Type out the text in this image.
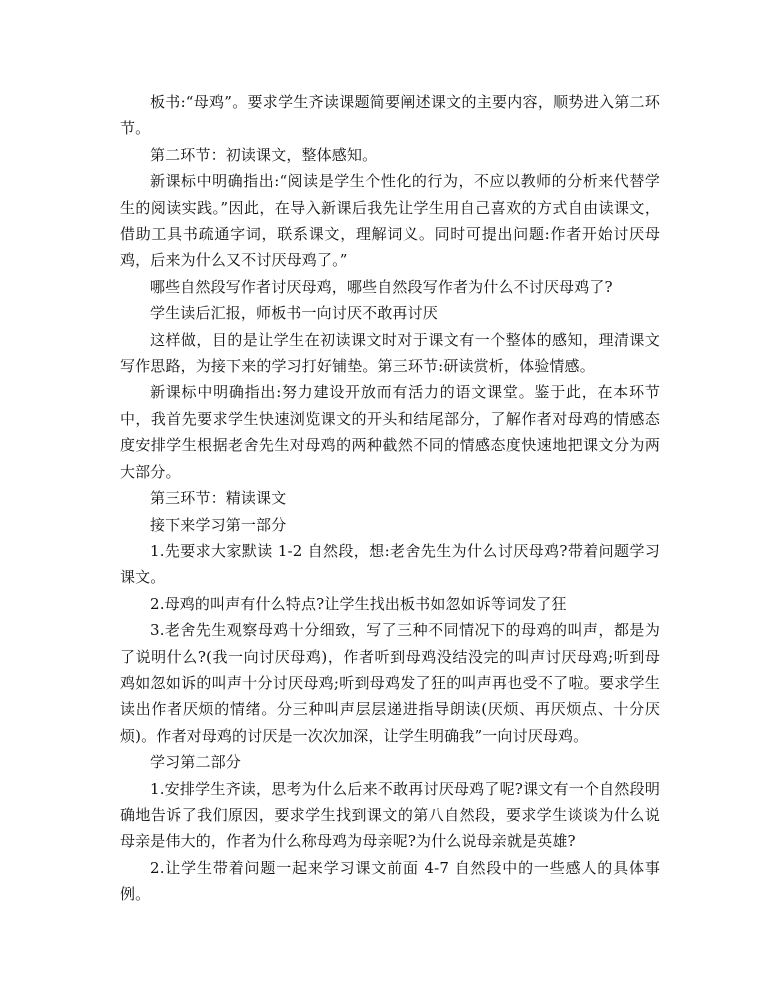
板书:“母鸡”。要求学生齐读课题简要阐述课文的主要内容，顺势进入第二环节。

第二环节：初读课文，整体感知。

新课标中明确指出:“阅读是学生个性化的行为，不应以教师的分析来代替学生的阅读实践。”因此，在导入新课后我先让学生用自己喜欢的方式自由读课文，借助工具书疏通字词，联系课文，理解词义。同时可提出问题:作者开始讨厌母鸡，后来为什么又不讨厌母鸡了。”

哪些自然段写作者讨厌母鸡，哪些自然段写作者为什么不讨厌母鸡了?

学生读后汇报，师板书一向讨厌不敢再讨厌

这样做，目的是让学生在初读课文时对于课文有一个整体的感知，理清课文写作思路，为接下来的学习打好铺垫。第三环节:研读赏析，体验情感。

新课标中明确指出:努力建设开放而有活力的语文课堂。鉴于此，在本环节中，我首先要求学生快速浏览课文的开头和结尾部分，了解作者对母鸡的情感态度安排学生根据老舍先生对母鸡的两种截然不同的情感态度快速地把课文分为两大部分。

第三环节：精读课文

接下来学习第一部分

1.先要求大家默读 1-2 自然段，想:老舍先生为什么讨厌母鸡?带着问题学习课文。

2.母鸡的叫声有什么特点?让学生找出板书如忽如诉等词发了狂

3.老舍先生观察母鸡十分细致，写了三种不同情况下的母鸡的叫声，都是为了说明什么?(我一向讨厌母鸡)，作者听到母鸡没结没完的叫声讨厌母鸡;听到母鸡如忽如诉的叫声十分讨厌母鸡;听到母鸡发了狂的叫声再也受不了啦。要求学生读出作者厌烦的情绪。分三种叫声层层递进指导朗读(厌烦、再厌烦点、十分厌烦)。作者对母鸡的讨厌是一次次加深，让学生明确我”一向讨厌母鸡。

学习第二部分

1.安排学生齐读，思考为什么后来不敢再讨厌母鸡了呢?课文有一个自然段明确地告诉了我们原因，要求学生找到课文的第八自然段，要求学生谈谈为什么说母亲是伟大的，作者为什么称母鸡为母亲呢?为什么说母亲就是英雄?

2.让学生带着问题一起来学习课文前面 4-7 自然段中的一些感人的具体事例。
